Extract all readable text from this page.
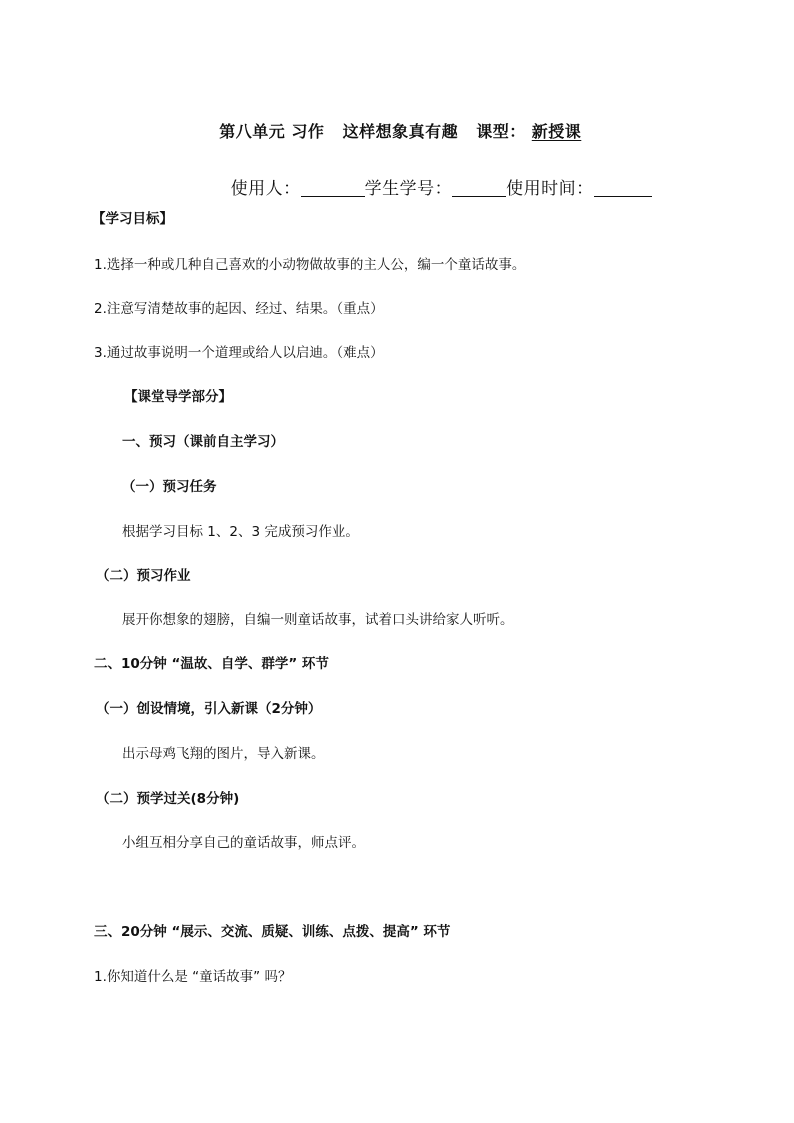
第八单元 习作   这样想象真有趣   课型： 新授课

使用人：	学生学号：	使用时间：

【学习目标】
1.选择一种或几种自己喜欢的小动物做故事的主人公，编一个童话故事。
2.注意写清楚故事的起因、经过、结果。（重点）
3.通过故事说明一个道理或给人以启迪。（难点）
【课堂导学部分】
一、预习（课前自主学习）
（一）预习任务
根据学习目标 1、2、3 完成预习作业。
（二）预习作业
展开你想象的翅膀，自编一则童话故事，试着口头讲给家人听听。
二、10分钟 “温故、自学、群学” 环节
（一）创设情境，引入新课（2分钟）
出示母鸡飞翔的图片，导入新课。
（二）预学过关(8分钟)
小组互相分享自己的童话故事，师点评。
三、20分钟 “展示、交流、质疑、训练、点拨、提高” 环节
1.你知道什么是 “童话故事” 吗？
